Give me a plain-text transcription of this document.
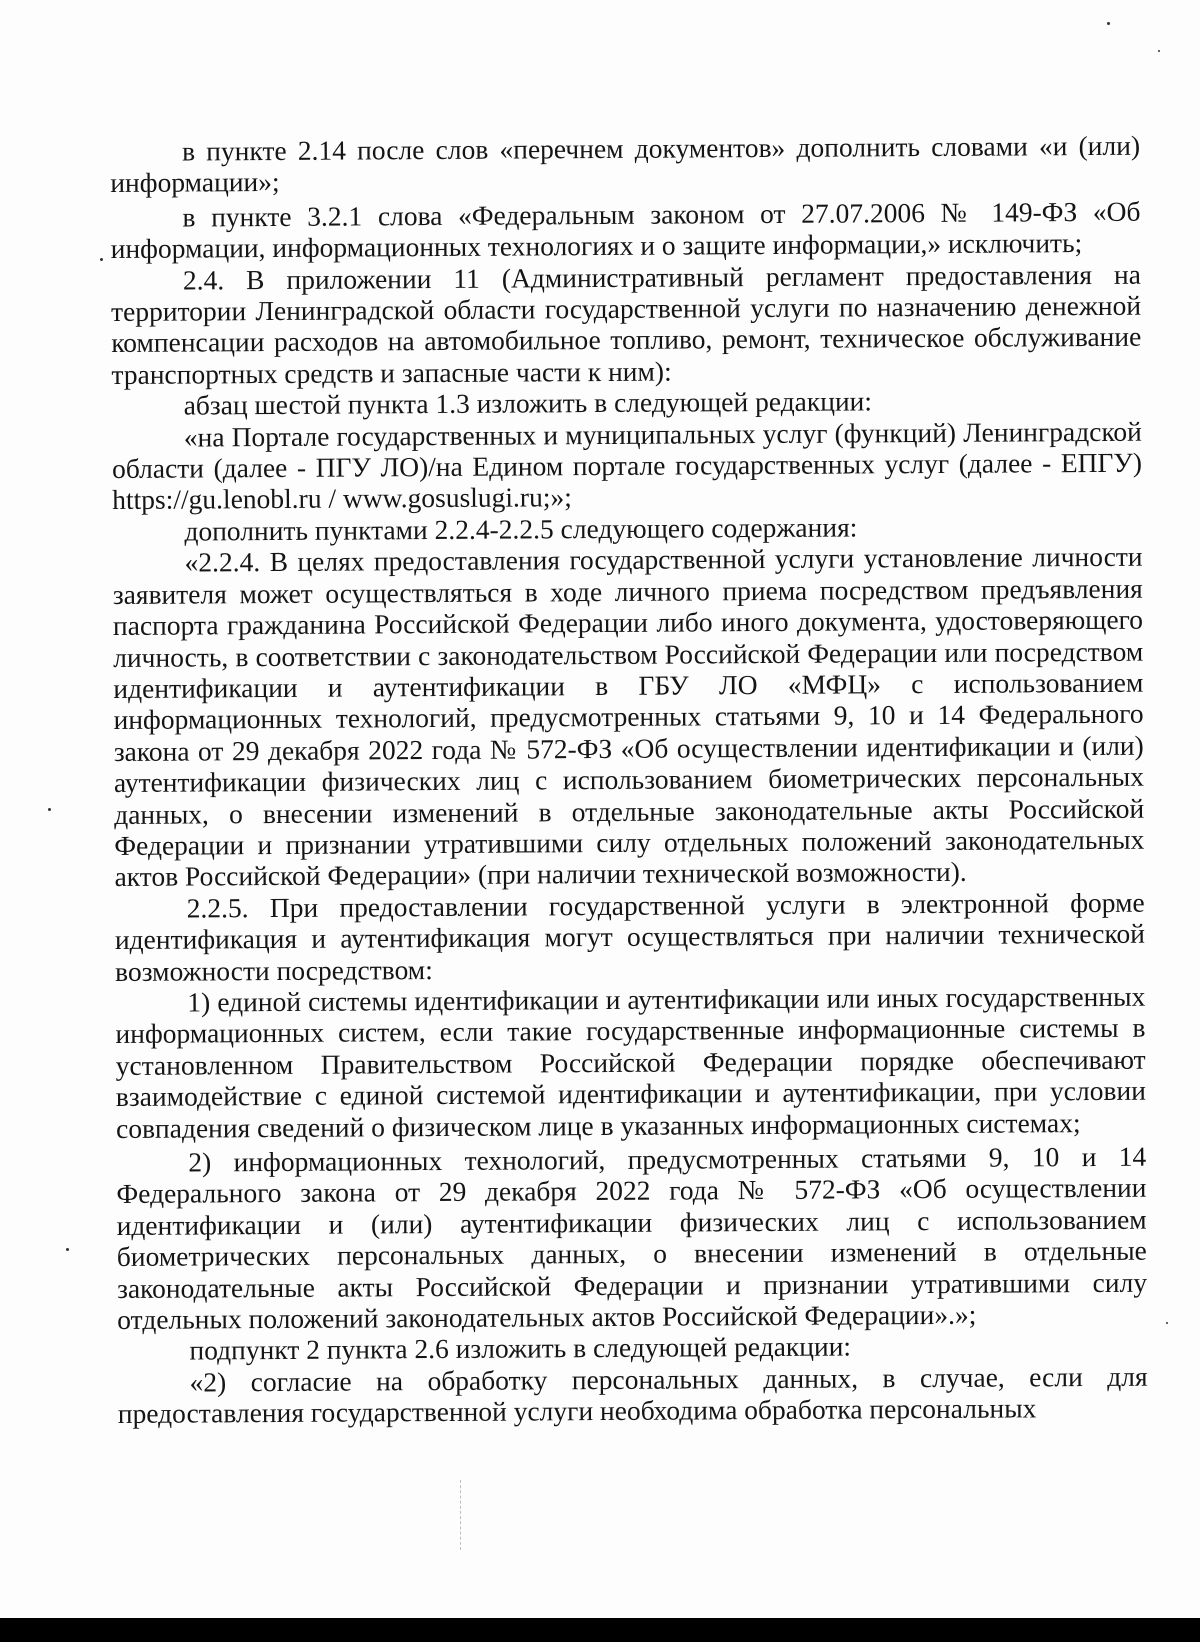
в пункте 2.14 после слов «перечнем документов» дополнить словами «и (или) информации»;

в пункте 3.2.1 слова «Федеральным законом от 27.07.2006 № 149-ФЗ «Об информации, информационных технологиях и о защите информации,» исключить;

2.4. В приложении 11 (Административный регламент предоставления на территории Ленинградской области государственной услуги по назначению денежной компенсации расходов на автомобильное топливо, ремонт, техническое обслуживание транспортных средств и запасные части к ним):

абзац шестой пункта 1.3 изложить в следующей редакции:

«на Портале государственных и муниципальных услуг (функций) Ленинградской области (далее - ПГУ ЛО)/на Едином портале государственных услуг (далее - ЕПГУ) https://gu.lenobl.ru / www.gosuslugi.ru;»;

дополнить пунктами 2.2.4-2.2.5 следующего содержания:

«2.2.4. В целях предоставления государственной услуги установление личности заявителя может осуществляться в ходе личного приема посредством предъявления паспорта гражданина Российской Федерации либо иного документа, удостоверяющего личность, в соответствии с законодательством Российской Федерации или посредством идентификации и аутентификации в ГБУ ЛО «МФЦ» с использованием информационных технологий, предусмотренных статьями 9, 10 и 14 Федерального закона от 29 декабря 2022 года № 572-ФЗ «Об осуществлении идентификации и (или) аутентификации физических лиц с использованием биометрических персональных данных, о внесении изменений в отдельные законодательные акты Российской Федерации и признании утратившими силу отдельных положений законодательных актов Российской Федерации» (при наличии технической возможности).

2.2.5. При предоставлении государственной услуги в электронной форме идентификация и аутентификация могут осуществляться при наличии технической возможности посредством:

1) единой системы идентификации и аутентификации или иных государственных информационных систем, если такие государственные информационные системы в установленном Правительством Российской Федерации порядке обеспечивают взаимодействие с единой системой идентификации и аутентификации, при условии совпадения сведений о физическом лице в указанных информационных системах;

2) информационных технологий, предусмотренных статьями 9, 10 и 14 Федерального закона от 29 декабря 2022 года № 572-ФЗ «Об осуществлении идентификации и (или) аутентификации физических лиц с использованием биометрических персональных данных, о внесении изменений в отдельные законодательные акты Российской Федерации и признании утратившими силу отдельных положений законодательных актов Российской Федерации».»;

подпункт 2 пункта 2.6 изложить в следующей редакции:

«2) согласие на обработку персональных данных, в случае, если для предоставления государственной услуги необходима обработка персональных
